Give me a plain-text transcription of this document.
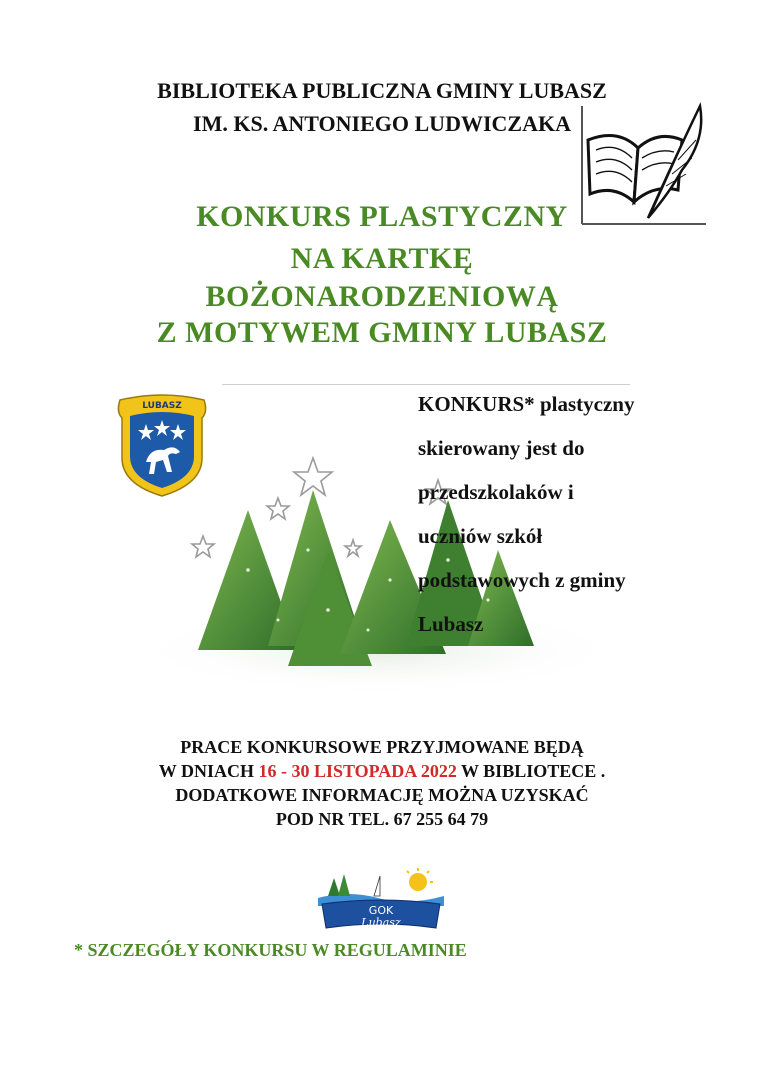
BIBLIOTEKA PUBLICZNA GMINY LUBASZ
IM. KS. ANTONIEGO LUDWICZAKA
KONKURS PLASTYCZNY
NA KARTKĘ
BOŻONARODZENIOWĄ
Z MOTYWEM GMINY LUBASZ
LUBASZ	KONKURS* plastyczny
skierowany jest do
przedszkolaków i
uczniów szkół
podstawowych z gminy
Lubasz
PRACE KONKURSOWE PRZYJMOWANE BĘDĄ
W DNIACH 16 - 30 LISTOPADA 2022 W BIBLIOTECE .
DODATKOWE INFORMACJĘ MOŻNA UZYSKAĆ
POD NR TEL. 67 255 64 79
GOK
Lubasz
* SZCZEGÓŁY KONKURSU W REGULAMINIE
